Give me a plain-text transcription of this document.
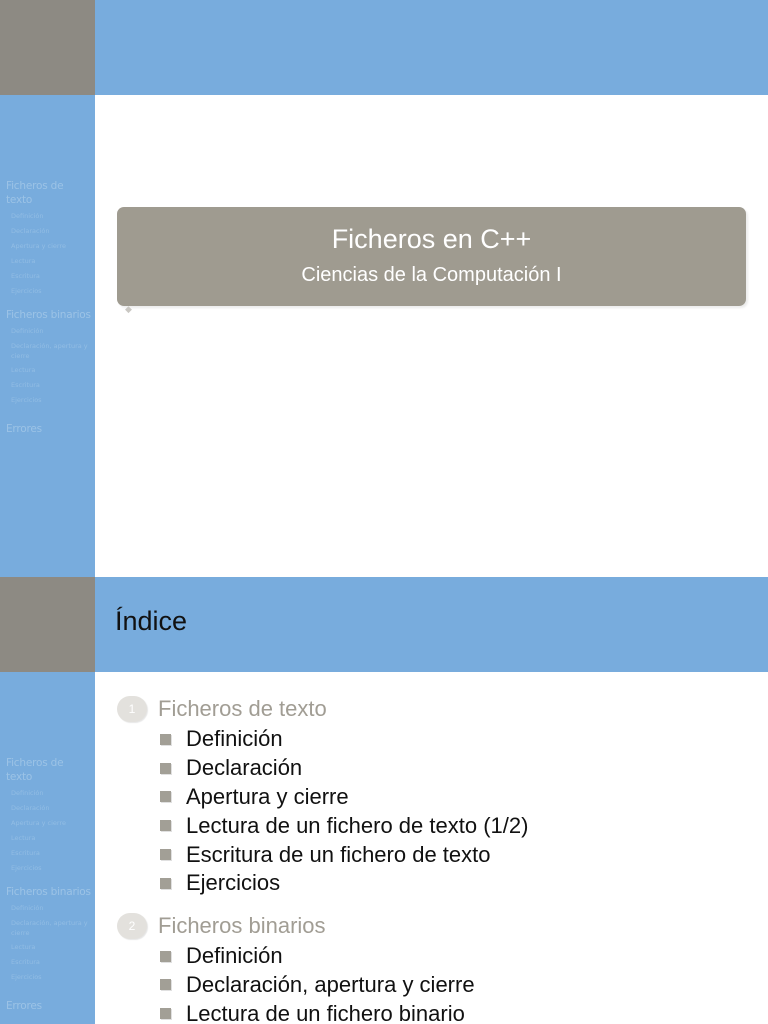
Ficheros de texto
Definición
Declaración
Apertura y cierre
Lectura
Escritura
Ejercicios
Ficheros binarios
Definición
Declaración, apertura y cierre
Lectura
Escritura
Ejercicios
Errores
Ficheros en C++
Ciencias de la Computación I
◆
Índice
Ficheros de texto
Definición
Declaración
Apertura y cierre
Lectura
Escritura
Ejercicios
Ficheros binarios
Definición
Declaración, apertura y cierre
Lectura
Escritura
Ejercicios
Errores
1	Ficheros de texto
Definición
Declaración
Apertura y cierre
Lectura de un fichero de texto (1/2)
Escritura de un fichero de texto
Ejercicios
2	Ficheros binarios
Definición
Declaración, apertura y cierre
Lectura de un fichero binario
